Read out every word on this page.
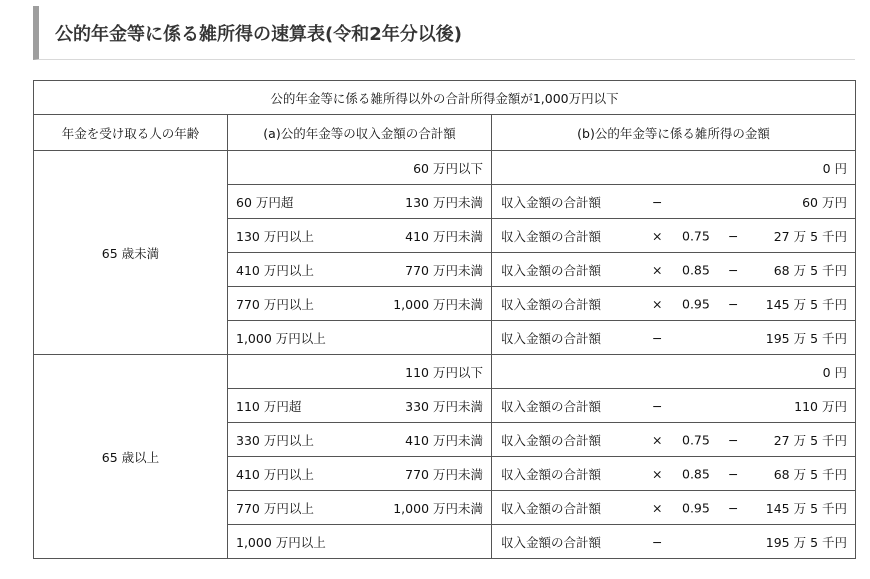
公的年金等に係る雑所得の速算表(令和2年分以後)
公的年金等に係る雑所得以外の合計所得金額が1,000万円以下		
年金を受け取る人の年齢	(a)公的年金等の収入金額の合計額	(b)公的年金等に係る雑所得の金額
65 歳未満	60 万円以下	0 円

	60 万円超 130 万円未満	収入金額の合計額 − 60 万円

	130 万円以上 410 万円未満	収入金額の合計額 × 0.75 − 27 万 5 千円

	410 万円以上 770 万円未満	収入金額の合計額 × 0.85 − 68 万 5 千円

	770 万円以上 1,000 万円未満	収入金額の合計額 × 0.95 − 145 万 5 千円

	1,000 万円以上	収入金額の合計額 − 195 万 5 千円

65 歳以上	110 万円以下	0 円

	110 万円超 330 万円未満	収入金額の合計額 − 110 万円

	330 万円以上 410 万円未満	収入金額の合計額 × 0.75 − 27 万 5 千円

	410 万円以上 770 万円未満	収入金額の合計額 × 0.85 − 68 万 5 千円

	770 万円以上 1,000 万円未満	収入金額の合計額 × 0.95 − 145 万 5 千円

	1,000 万円以上	収入金額の合計額 − 195 万 5 千円
